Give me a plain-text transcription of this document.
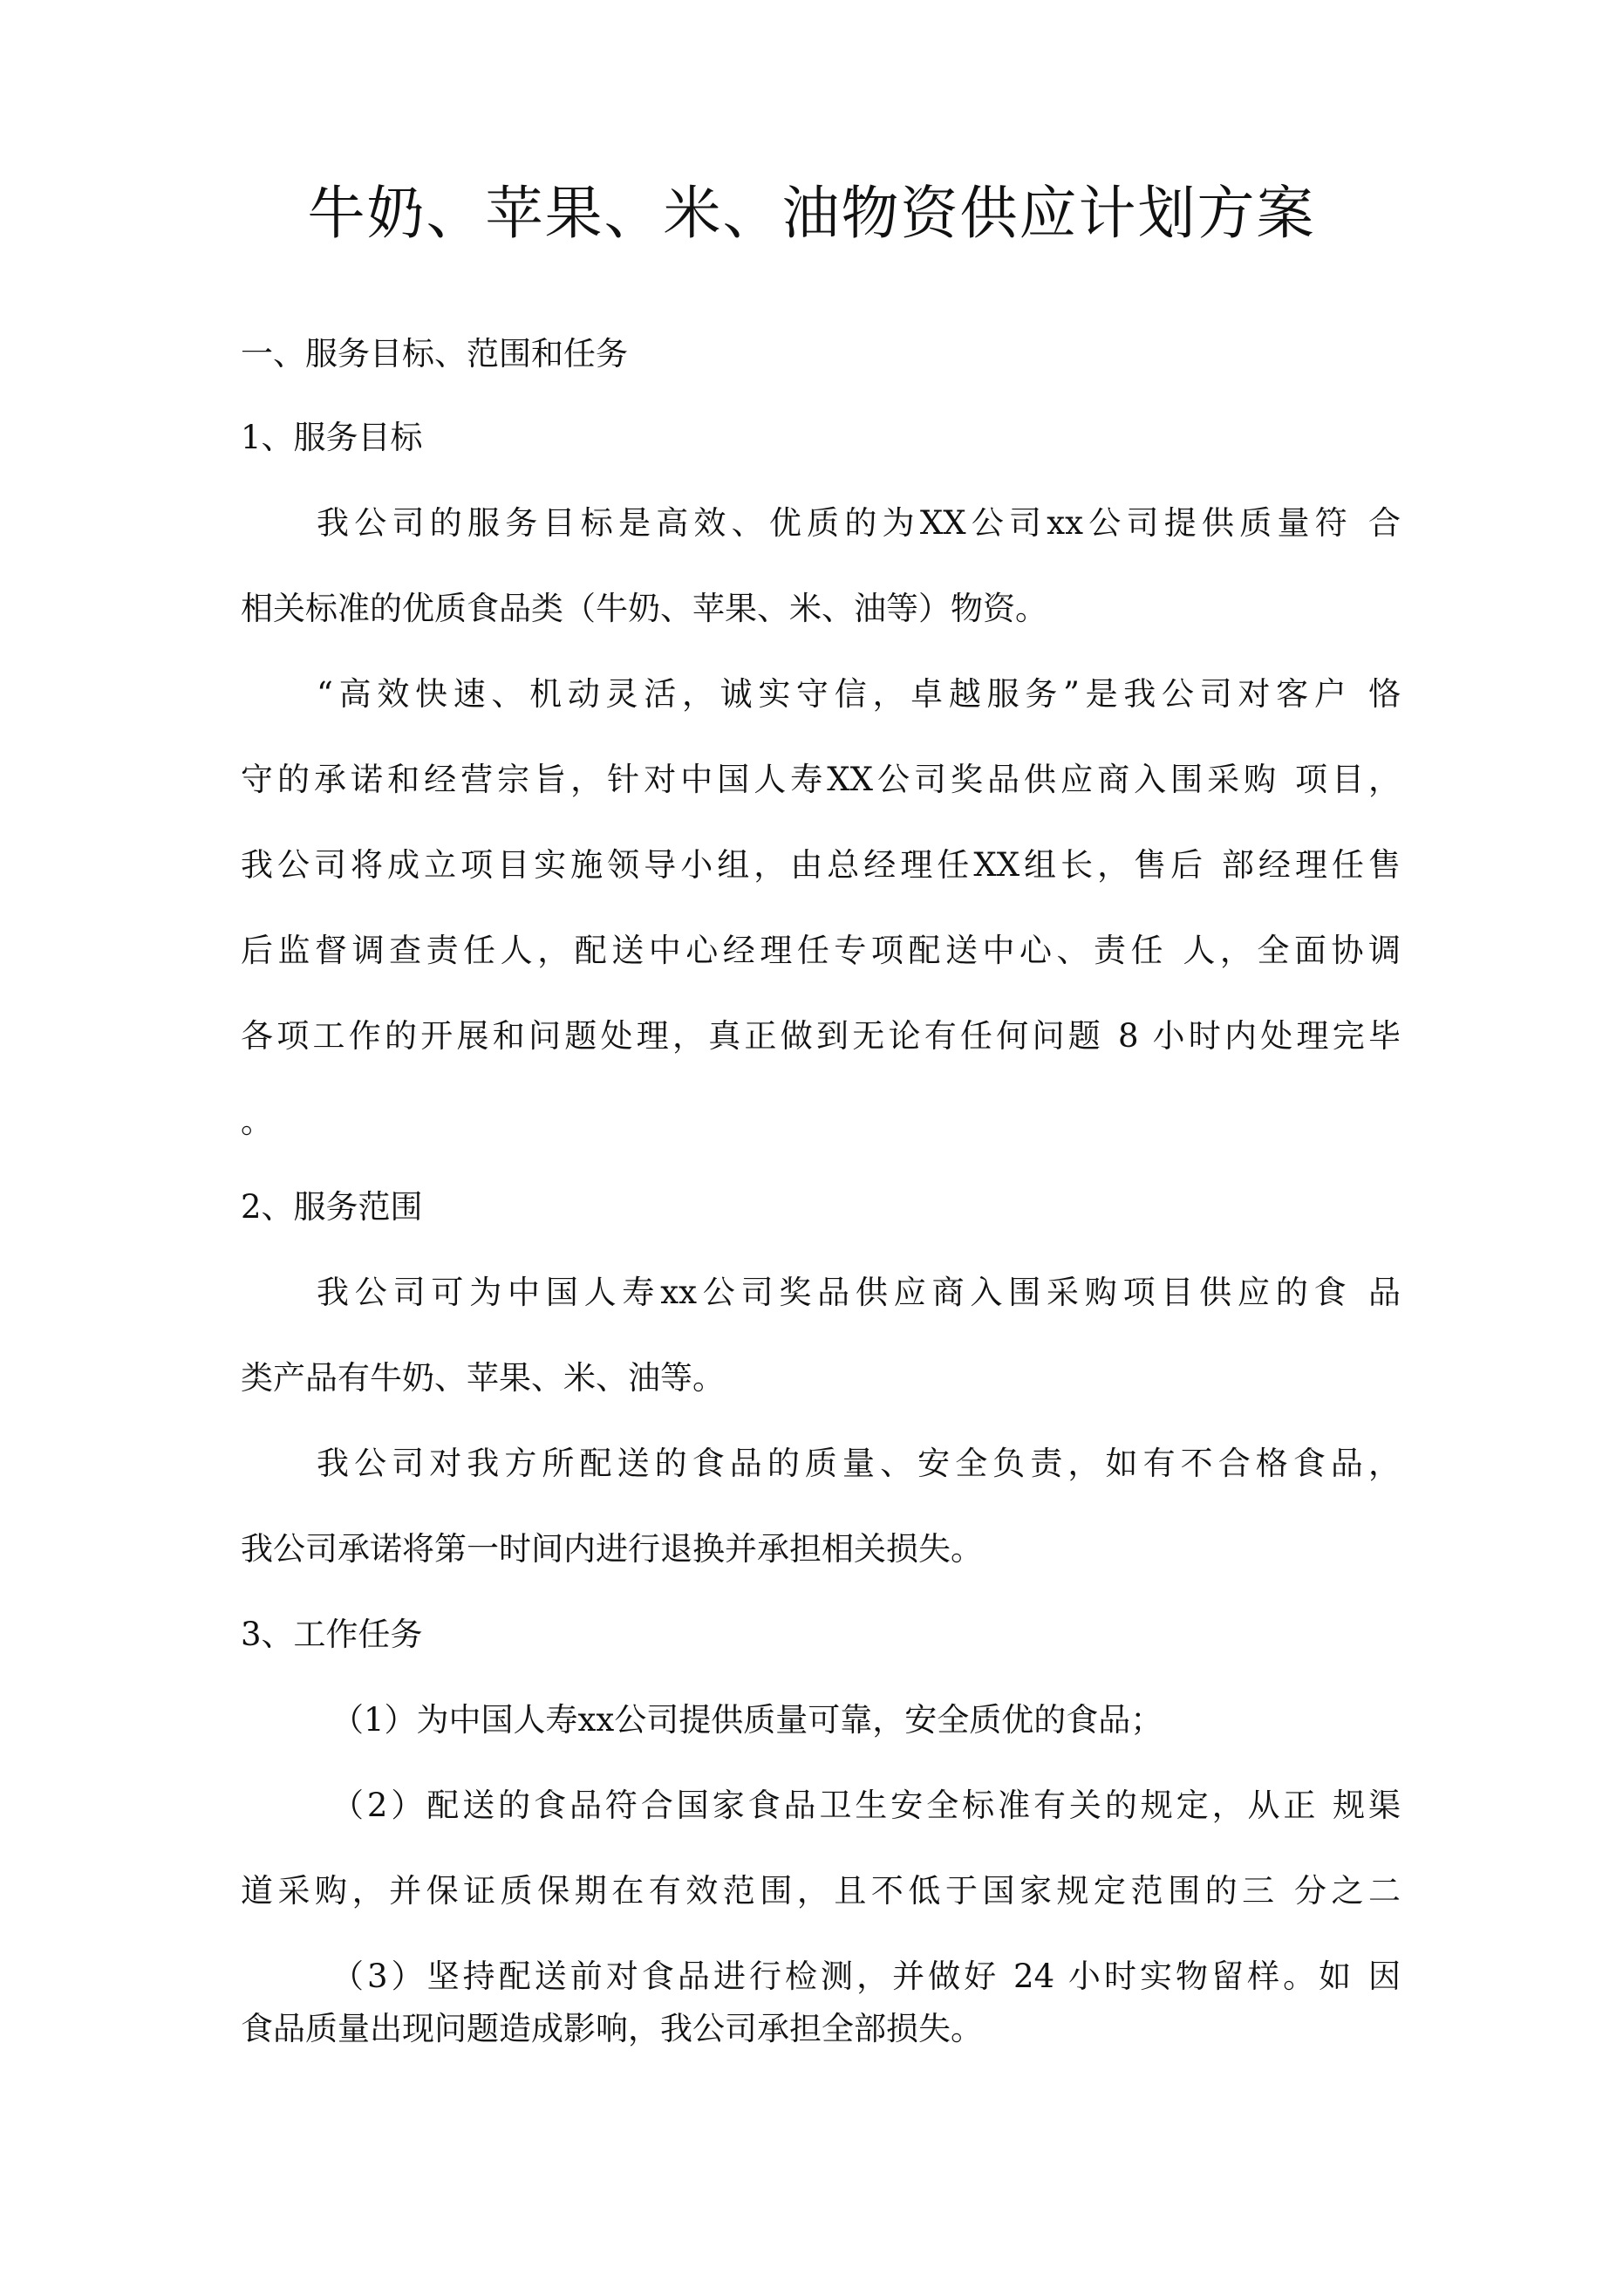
牛奶、苹果、米、油物资供应计划方案

一、服务目标、范围和任务

1、服务目标

我公司的服务目标是高效、优质的为XX公司xx公司提供质量符 合

相关标准的优质食品类（牛奶、苹果、米、油等）物资。

“高效快速、机动灵活，诚实守信，卓越服务”是我公司对客户 恪

守的承诺和经营宗旨，针对中国人寿XX公司奖品供应商入围采购 项目，

我公司将成立项目实施领导小组，由总经理任XX组长，售后 部经理任售

后监督调查责任人，配送中心经理任专项配送中心、责任 人，全面协调

各项工作的开展和问题处理，真正做到无论有任何问题 8 小时内处理完毕

。

2、服务范围

我公司可为中国人寿xx公司奖品供应商入围采购项目供应的食 品

类产品有牛奶、苹果、米、油等。

我公司对我方所配送的食品的质量、安全负责，如有不合格食品，

我公司承诺将第一时间内进行退换并承担相关损失。

3、工作任务

（1）为中国人寿xx公司提供质量可靠，安全质优的食品；

（2）配送的食品符合国家食品卫生安全标准有关的规定，从正 规渠

道采购，并保证质保期在有效范围，且不低于国家规定范围的三 分之二

（3）坚持配送前对食品进行检测，并做好 24 小时实物留样。如 因

食品质量出现问题造成影响，我公司承担全部损失。
